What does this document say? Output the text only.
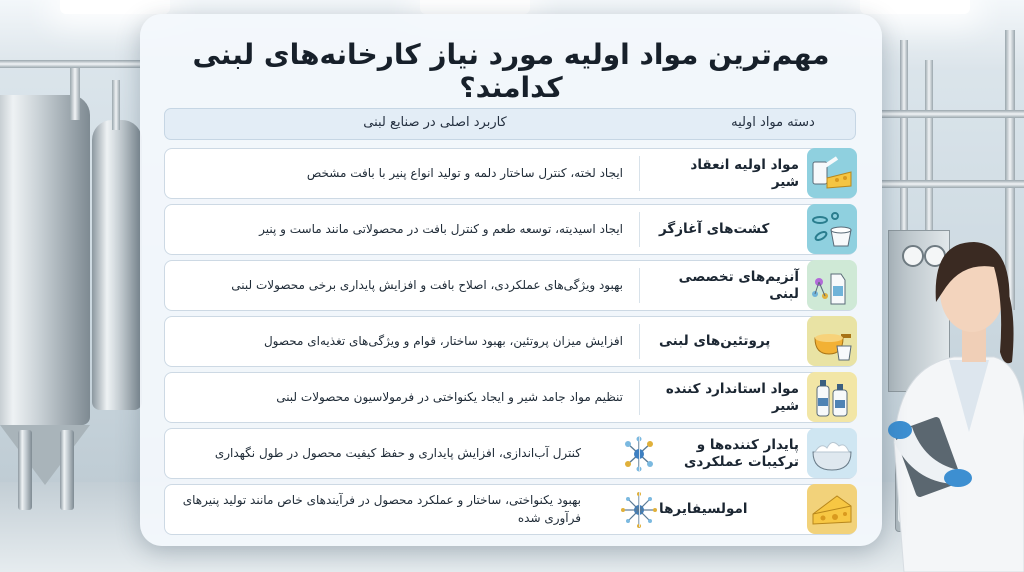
مهم‌ترین مواد اولیه مورد نیاز کارخانه‌های لبنی کدامند؟
دسته مواد اولیه
کاربرد اصلی در صنایع لبنی
مواد اولیه انعقاد شیر
ایجاد لخته، کنترل ساختار دلمه و تولید انواع پنیر با بافت مشخص
کشت‌های آغازگر
ایجاد اسیدیته، توسعه طعم و کنترل بافت در محصولاتی مانند ماست و پنیر
آنزیم‌های تخصصی لبنی
بهبود ویژگی‌های عملکردی، اصلاح بافت و افزایش پایداری برخی محصولات لبنی
پروتئین‌های لبنی
افزایش میزان پروتئین، بهبود ساختار، قوام و ویژگی‌های تغذیه‌ای محصول
مواد استاندارد کننده شیر
تنظیم مواد جامد شیر و ایجاد یکنواختی در فرمولاسیون محصولات لبنی
پایدار کننده‌ها و ترکیبات عملکردی
کنترل آب‌اندازی، افزایش پایداری و حفظ کیفیت محصول در طول نگهداری
امولسیفایرها
بهبود یکنواختی، ساختار و عملکرد محصول در فرآیندهای خاص مانند تولید پنیرهای فرآوری شده
